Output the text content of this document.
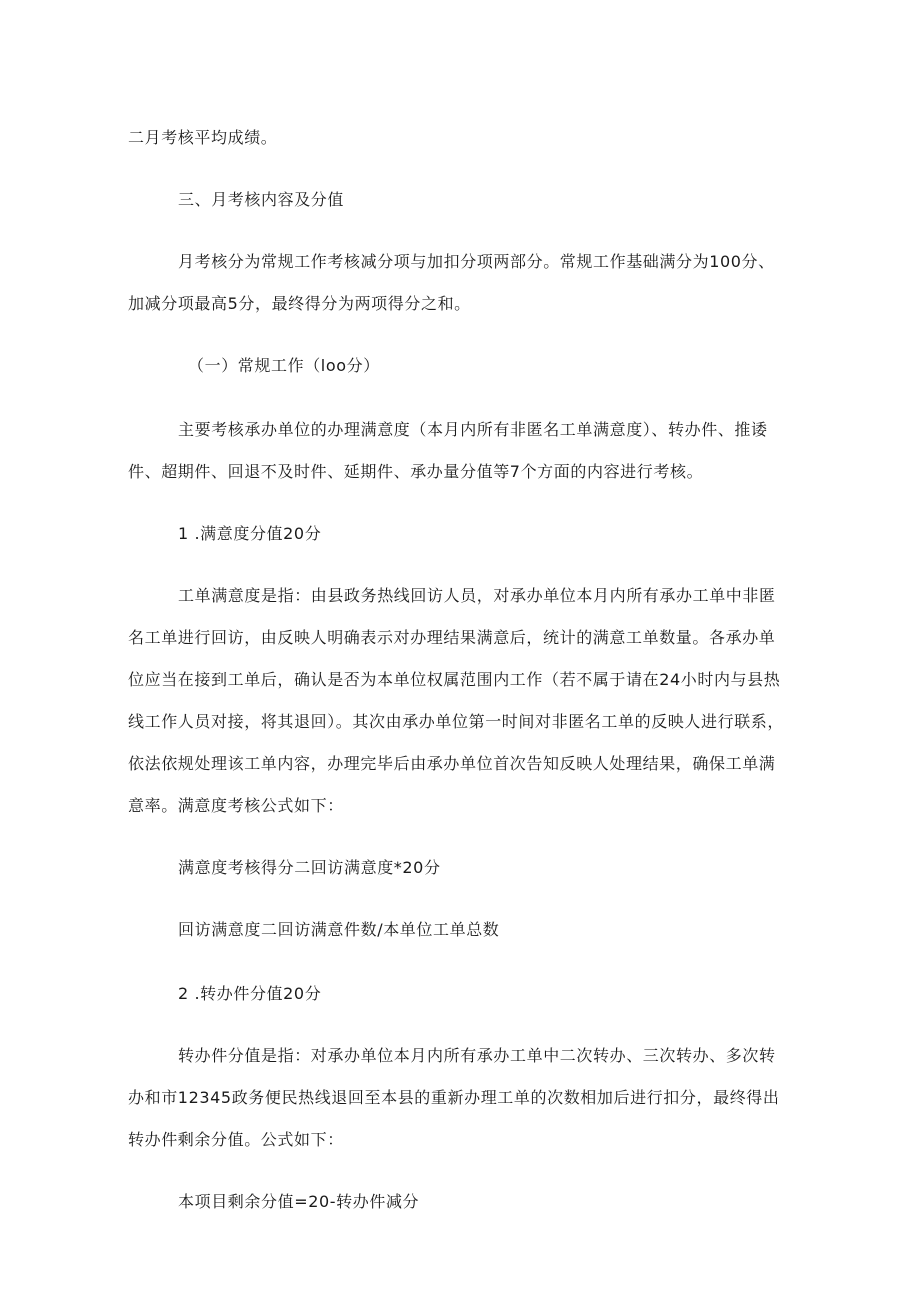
二月考核平均成绩。
三、月考核内容及分值
月考核分为常规工作考核减分项与加扣分项两部分。常规工作基础满分为100分、
加减分项最高5分，最终得分为两项得分之和。
（一）常规工作（loo分）
主要考核承办单位的办理满意度（本月内所有非匿名工单满意度）、转办件、推诿
件、超期件、回退不及时件、延期件、承办量分值等7个方面的内容进行考核。
1 .满意度分值20分
工单满意度是指：由县政务热线回访人员，对承办单位本月内所有承办工单中非匿
名工单进行回访，由反映人明确表示对办理结果满意后，统计的满意工单数量。各承办单
位应当在接到工单后，确认是否为本单位权属范围内工作（若不属于请在24小时内与县热
线工作人员对接，将其退回）。其次由承办单位第一时间对非匿名工单的反映人进行联系，
依法依规处理该工单内容，办理完毕后由承办单位首次告知反映人处理结果，确保工单满
意率。满意度考核公式如下：
满意度考核得分二回访满意度*20分
回访满意度二回访满意件数/本单位工单总数
2 .转办件分值20分
转办件分值是指：对承办单位本月内所有承办工单中二次转办、三次转办、多次转
办和市12345政务便民热线退回至本县的重新办理工单的次数相加后进行扣分，最终得出
转办件剩余分值。公式如下：
本项目剩余分值=20-转办件减分
